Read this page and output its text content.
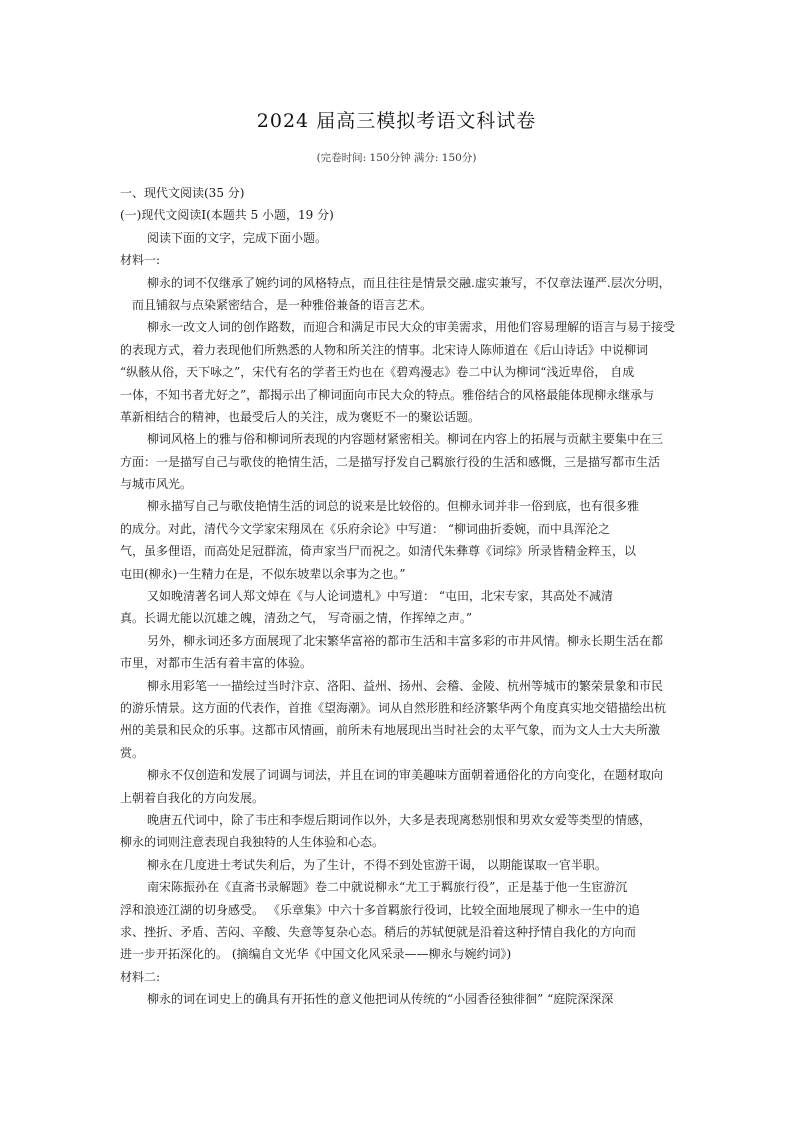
2024 届高三模拟考语文科试卷
(完卷时间: 150分钟 满分: 150分)
一、现代文阅读(35 分)
(一)现代文阅读Ⅰ(本题共 5 小题，19 分)
阅读下面的文字，完成下面小题。
材料一:
柳永的词不仅继承了婉约词的风格特点，而且往往是情景交融.虚实兼写，不仅章法谨严.层次分明，
而且铺叙与点染紧密结合，是一种雅俗兼备的语言艺术。
柳永一改文人词的创作路数，而迎合和满足市民大众的审美需求，用他们容易理解的语言与易于接受
的表现方式，着力表现他们所熟悉的人物和所关注的情事。北宋诗人陈师道在《后山诗话》中说柳词
“纵骸从俗，天下咏之”，宋代有名的学者王灼也在《碧鸡漫志》卷二中认为柳词“浅近卑俗， 自成
一体，不知书者尤好之”，都揭示出了柳词面向市民大众的特点。雅俗结合的风格最能体现柳永继承与
革新相结合的精神，也最受后人的关注，成为褒贬不一的聚讼话题。
柳词风格上的雅与俗和柳词所表现的内容题材紧密相关。柳词在内容上的拓展与贡献主要集中在三
方面：一是描写自己与歌伎的艳情生活，二是描写抒发自己羁旅行役的生活和感慨，三是描写都市生活
与城市风光。
柳永描写自己与歌伎艳情生活的词总的说来是比较俗的。但柳永词并非一俗到底，也有很多雅
的成分。对此，清代今文学家宋翔凤在《乐府余论》中写道： “柳词曲折委婉，而中具浑沦之
气，虽多俚语，而高处足冠群流，倚声家当尸而祝之。如清代朱彝尊《词综》所录皆精金粹玉，以
屯田(柳永)一生精力在是，不似东坡辈以余事为之也。”
又如晚清著名词人郑文焯在《与人论词遗札》中写道： “屯田，北宋专家，其高处不减清
真。长调尤能以沉雄之魄，清劲之气， 写奇丽之情，作挥绰之声。”
另外，柳永词还多方面展现了北宋繁华富裕的都市生活和丰富多彩的市井风情。柳永长期生活在都
市里，对都市生活有着丰富的体验。
柳永用彩笔一一描绘过当时汴京、洛阳、益州、扬州、会稽、金陵、杭州等城市的繁荣景象和市民
的游乐情景。这方面的代表作，首推《望海潮》。词从自然形胜和经济繁华两个角度真实地交错描绘出杭
州的美景和民众的乐事。这都市风情画，前所未有地展现出当时社会的太平气象，而为文人士大夫所激
赏。
柳永不仅创造和发展了词调与词法，并且在词的审美趣味方面朝着通俗化的方向变化，在题材取向
上朝着自我化的方向发展。
晚唐五代词中，除了韦庄和李煜后期词作以外，大多是表现离愁别恨和男欢女爱等类型的情感，
柳永的词则注意表现自我独特的人生体验和心态。
柳永在几度进士考试失利后，为了生计，不得不到处宦游干谒， 以期能谋取一官半职。
南宋陈振孙在《直斋书录解题》卷二中就说柳永“尤工于羁旅行役”，正是基于他一生宦游沉
浮和浪迹江湖的切身感受。 《乐章集》中六十多首羁旅行役词，比较全面地展现了柳永一生中的追
求、挫折、矛盾、苦闷、辛酸、失意等复杂心态。稍后的苏轼便就是沿着这种抒情自我化的方向而
进一步开拓深化的。 (摘编自文光华《中国文化风采录——柳永与婉约词》)
材料二:
柳永的词在词史上的确具有开拓性的意义他把词从传统的“小园香径独徘徊” “庭院深深深
